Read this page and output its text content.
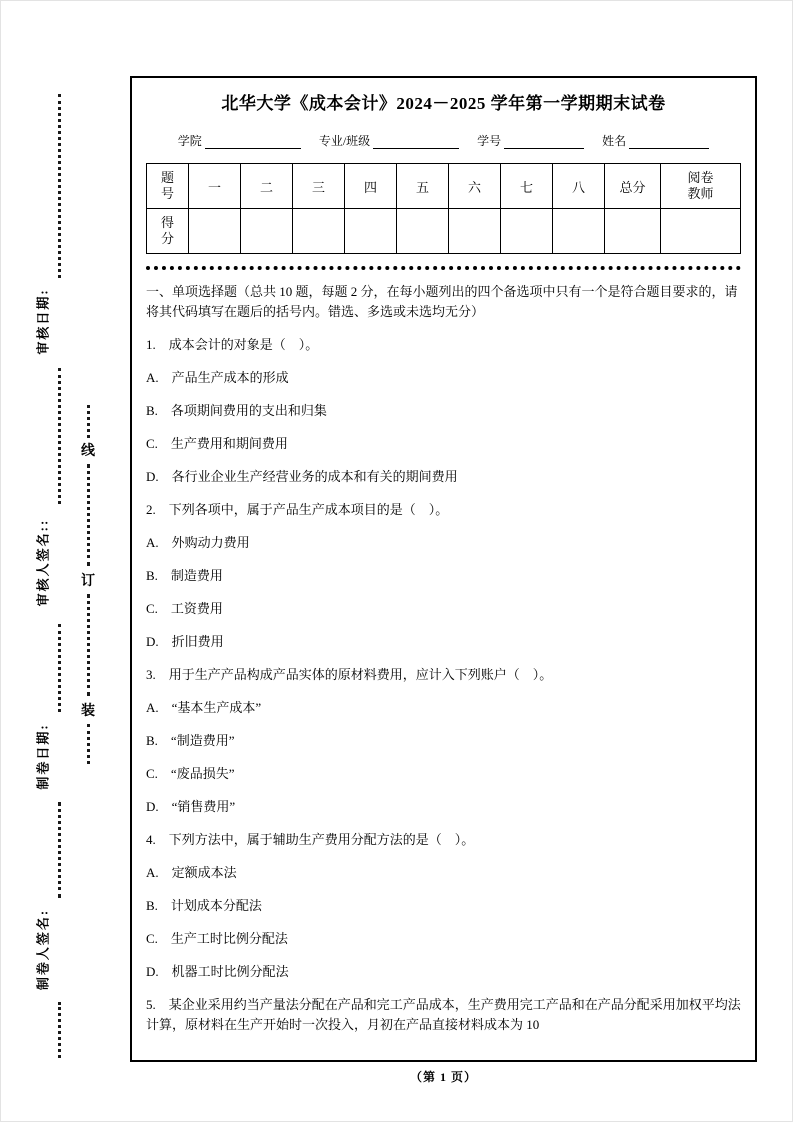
审核日期:
审核人签名::
制卷日期:
制卷人签名:
线
订
装
北华大学《成本会计》2024－2025 学年第一学期期末试卷
学院	专业/班级	学号	姓名
题号	一	二	三	四	五	六	七	八	总分	阅卷教师
得分										

一、单项选择题（总共 10 题，每题 2 分，在每小题列出的四个备选项中只有一个是符合题目要求的，请将其代码填写在题后的括号内。错选、多选或未选均无分）

1.　成本会计的对象是（　）。

A.　产品生产成本的形成

B.　各项期间费用的支出和归集

C.　生产费用和期间费用

D.　各行业企业生产经营业务的成本和有关的期间费用

2.　下列各项中，属于产品生产成本项目的是（　）。

A.　外购动力费用

B.　制造费用

C.　工资费用

D.　折旧费用

3.　用于生产产品构成产品实体的原材料费用，应计入下列账户（　）。

A.　“基本生产成本”

B.　“制造费用”

C.　“废品损失”

D.　“销售费用”

4.　下列方法中，属于辅助生产费用分配方法的是（　）。

A.　定额成本法

B.　计划成本分配法

C.　生产工时比例分配法

D.　机器工时比例分配法

5.　某企业采用约当产量法分配在产品和完工产品成本，生产费用完工产品和在产品分配采用加权平均法计算，原材料在生产开始时一次投入，月初在产品直接材料成本为 10

（第 1 页）
